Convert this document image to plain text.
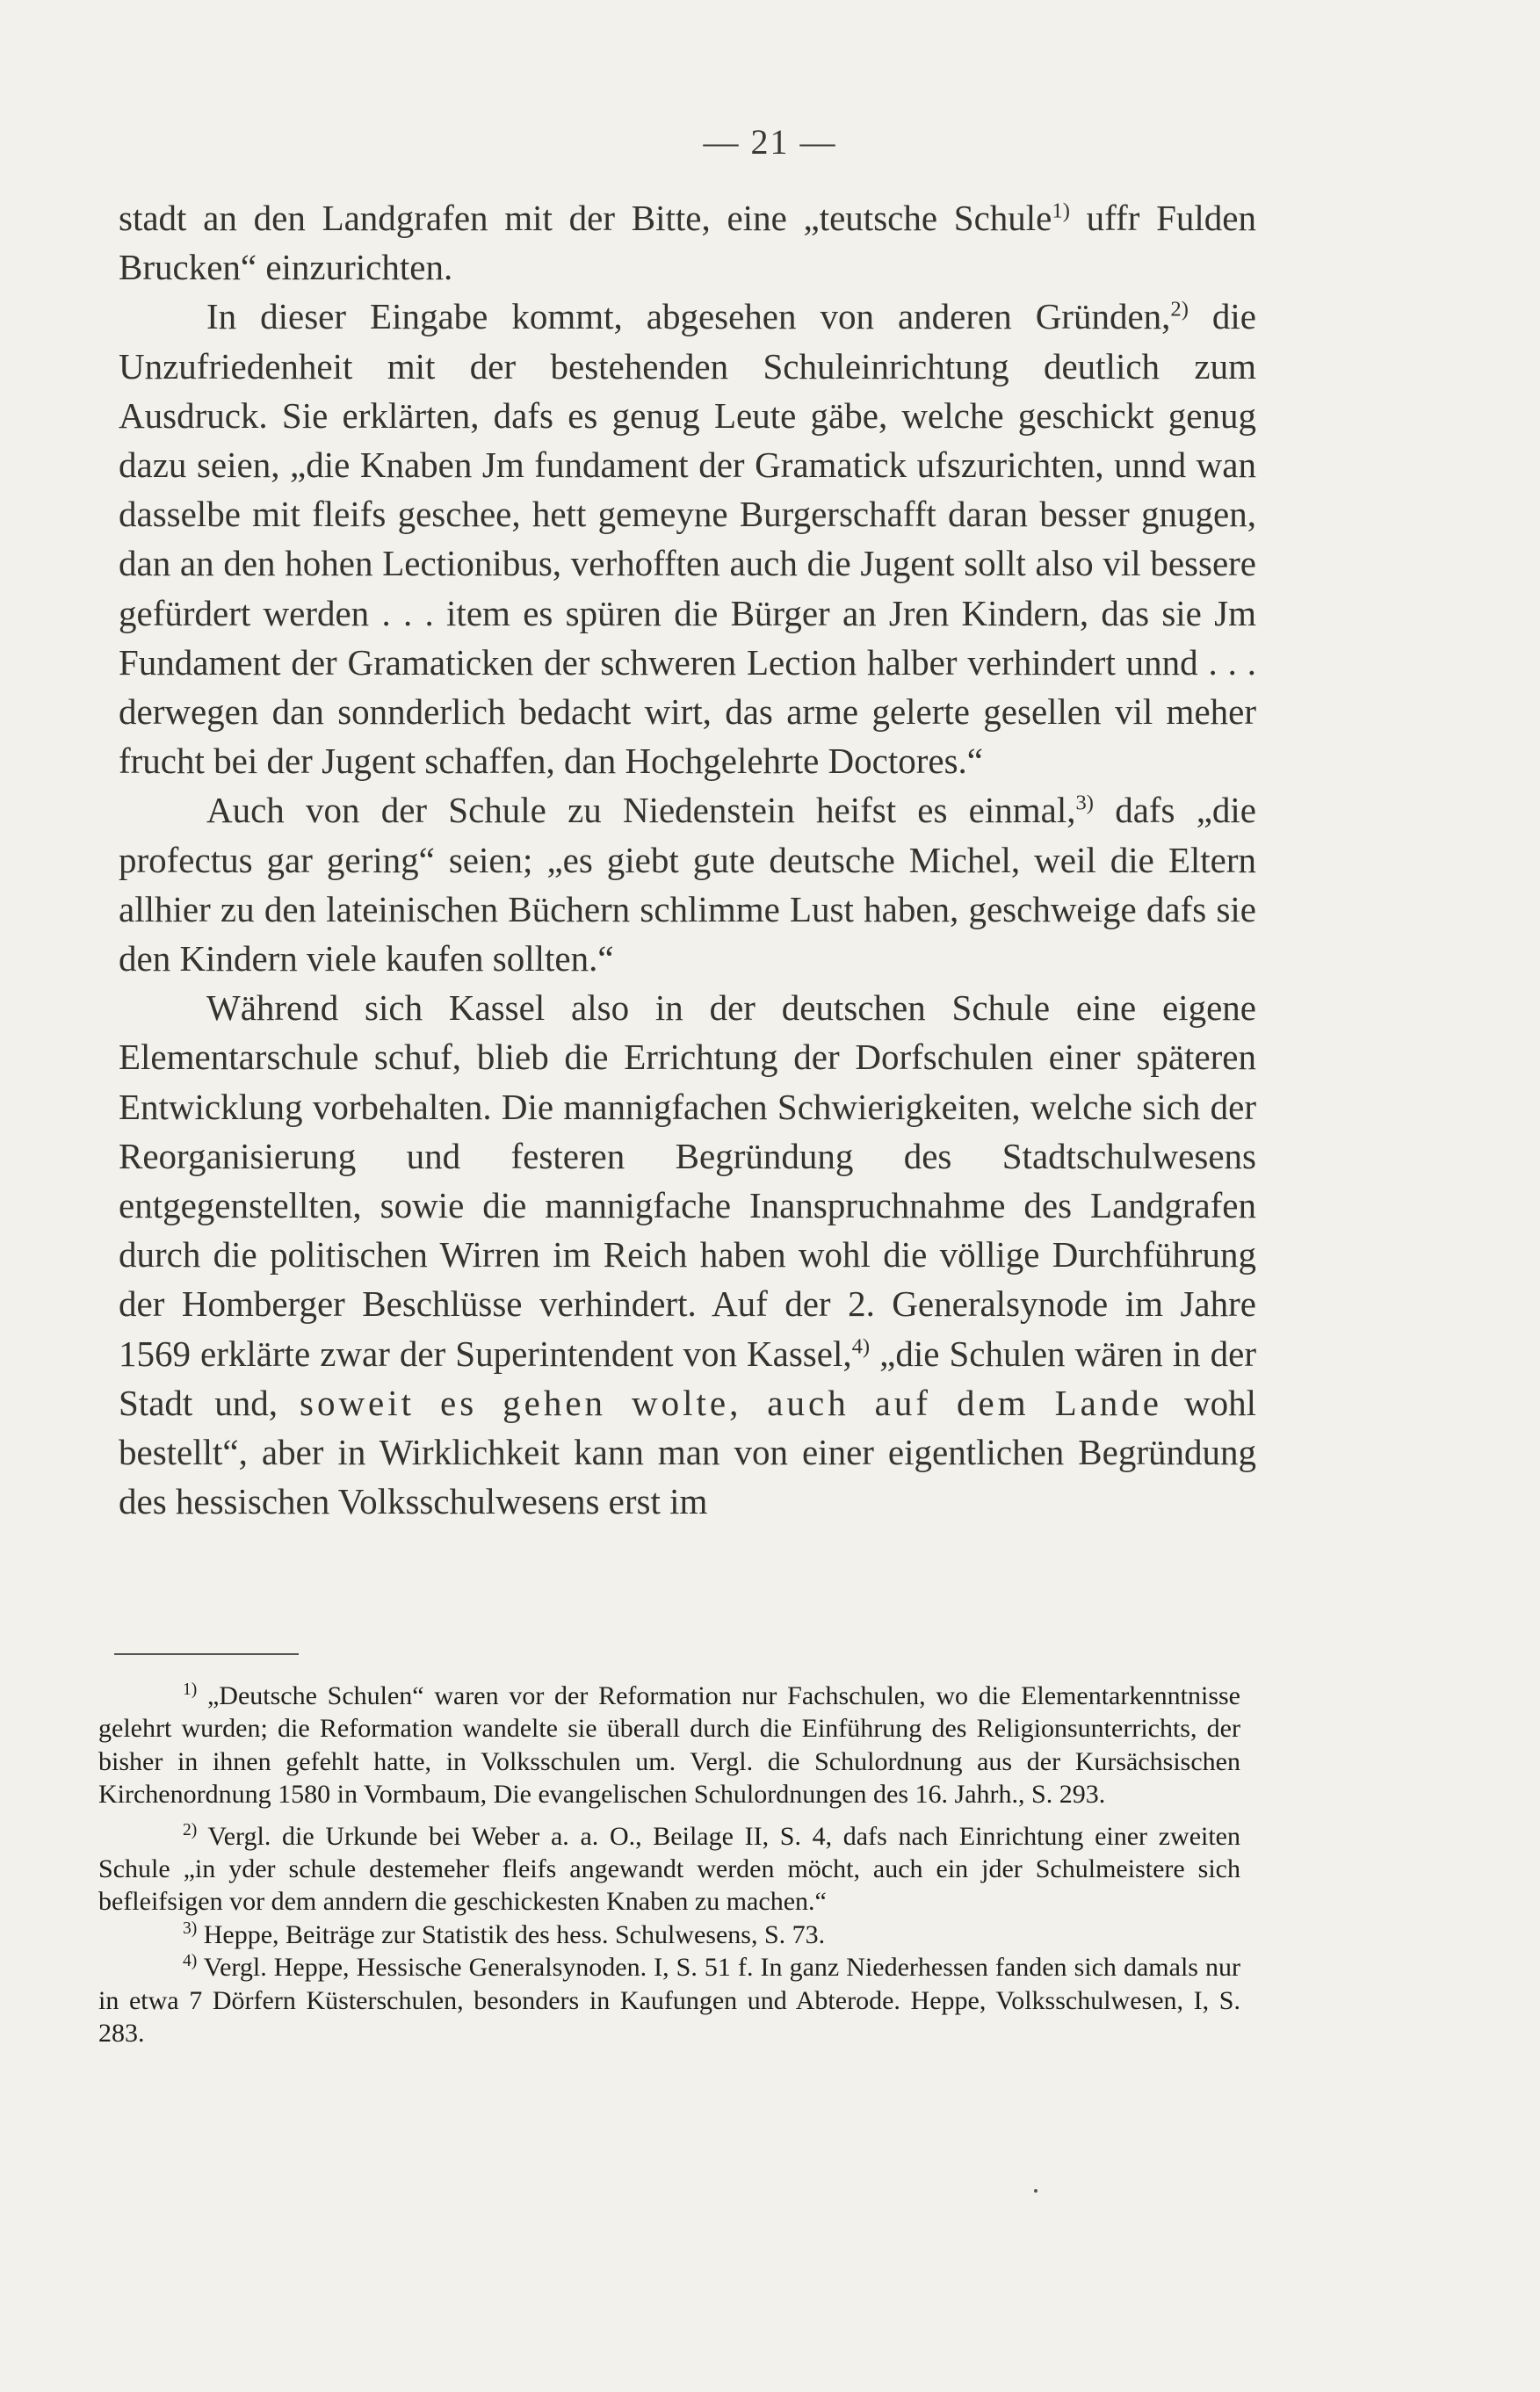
— 21 —

stadt an den Landgrafen mit der Bitte, eine „teutsche Schule$^{1)}$ uffr Fulden Brucken“ einzurichten.

In dieser Eingabe kommt, abgesehen von anderen Gründen,$^{2)}$ die Unzufriedenheit mit der bestehenden Schuleinrichtung deutlich zum Ausdruck. Sie erklärten, dafs es genug Leute gäbe, welche geschickt genug dazu seien, „die Knaben Jm fundament der Gramatick ufszurichten, unnd wan dasselbe mit fleifs geschee, hett gemeyne Burgerschafft daran besser gnugen, dan an den hohen Lectionibus, verhofften auch die Jugent sollt also vil bessere gefürdert werden . . . item es spüren die Bürger an Jren Kindern, das sie Jm Fundament der Gramaticken der schweren Lection halber verhindert unnd . . . derwegen dan sonnderlich bedacht wirt, das arme gelerte gesellen vil meher frucht bei der Jugent schaffen, dan Hochgelehrte Doctores.“

Auch von der Schule zu Niedenstein heifst es einmal,$^{3)}$ dafs „die profectus gar gering“ seien; „es giebt gute deutsche Michel, weil die Eltern allhier zu den lateinischen Büchern schlimme Lust haben, geschweige dafs sie den Kindern viele kaufen sollten.“

Während sich Kassel also in der deutschen Schule eine eigene Elementarschule schuf, blieb die Errichtung der Dorfschulen einer späteren Entwicklung vorbehalten. Die mannigfachen Schwierigkeiten, welche sich der Reorganisierung und festeren Begründung des Stadtschulwesens entgegenstellten, sowie die mannigfache Inanspruchnahme des Landgrafen durch die politischen Wirren im Reich haben wohl die völlige Durchführung der Homberger Beschlüsse verhindert. Auf der 2. Generalsynode im Jahre 1569 erklärte zwar der Superintendent von Kassel,$^{4)}$ „die Schulen wären in der Stadt und, soweit es gehen wolte, auch auf dem Lande wohl bestellt“, aber in Wirklichkeit kann man von einer eigentlichen Begründung des hessischen Volksschulwesens erst im

$^{1)}$ „Deutsche Schulen“ waren vor der Reformation nur Fachschulen, wo die Elementarkenntnisse gelehrt wurden; die Reformation wandelte sie überall durch die Einführung des Religionsunterrichts, der bisher in ihnen gefehlt hatte, in Volksschulen um. Vergl. die Schulordnung aus der Kursächsischen Kirchenordnung 1580 in Vormbaum, Die evangelischen Schulordnungen des 16. Jahrh., S. 293.

$^{2)}$ Vergl. die Urkunde bei Weber a. a. O., Beilage II, S. 4, dafs nach Einrichtung einer zweiten Schule „in yder schule destemeher fleifs angewandt werden möcht, auch ein jder Schulmeistere sich befleifsigen vor dem anndern die geschickesten Knaben zu machen.“

$^{3)}$ Heppe, Beiträge zur Statistik des hess. Schulwesens, S. 73.

$^{4)}$ Vergl. Heppe, Hessische Generalsynoden. I, S. 51 f. In ganz Niederhessen fanden sich damals nur in etwa 7 Dörfern Küsterschulen, besonders in Kaufungen und Abterode. Heppe, Volksschulwesen, I, S. 283.
